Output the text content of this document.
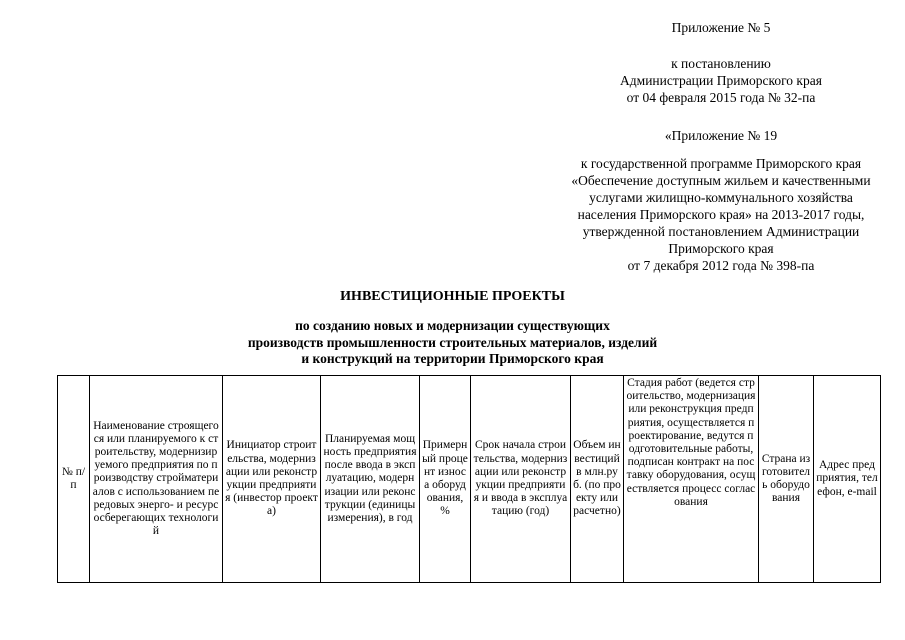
Приложение № 5
к постановлению
Администрации Приморского края
от 04 февраля 2015 года № 32-па
«Приложение № 19
к государственной программе Приморского края
«Обеспечение доступным жильем и качественными
услугами жилищно-коммунального хозяйства
населения Приморского края» на 2013-2017 годы,
утвержденной постановлением Администрации
Приморского края
от 7 декабря 2012 года № 398-па
ИНВЕСТИЦИОННЫЕ ПРОЕКТЫ
по созданию новых и модернизации существующих
производств промышленности строительных материалов, изделий
и конструкций на территории Приморского края
№ п/п	Наименование строящегося или планируемого к строительству, модернизируемого предприятия по производству стройматериалов с использованием передовых энерго- и ресурсосберегающих технологий	Инициатор строительства, модернизации или реконструкции предприятия (инвестор проекта)	Планируемая мощность предприятия после ввода в эксплуатацию, модернизации или реконструкции (единицы измерения), в год	Примерный процент износа оборудования, %	Срок начала строительства, модернизации или реконструкции предприятия и ввода в эксплуатацию (год)	Объем инвестиций в млн.руб. (по проекту или расчетно)	Стадия работ (ведется строительство, модернизация или реконструкция предприятия, осуществляется проектирование, ведутся подготовительные работы, подписан контракт на поставку оборудования, осуществляется процесс согласования	Страна изготовитель оборудования	Адрес предприятия, телефон, e-mail
